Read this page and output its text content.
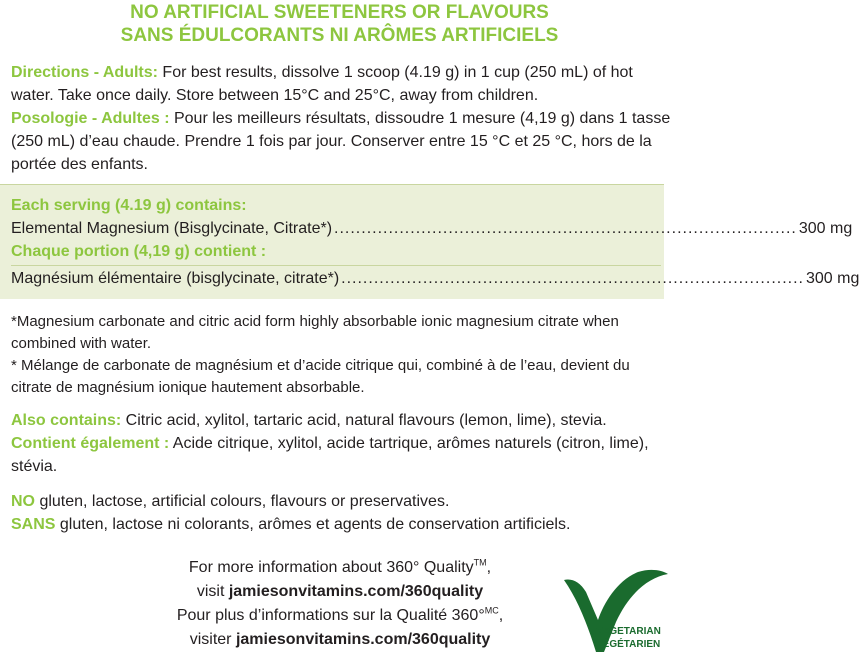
NO ARTIFICIAL SWEETENERS OR FLAVOURS
SANS ÉDULCORANTS NI ARÔMES ARTIFICIELS
Directions - Adults: For best results, dissolve 1 scoop (4.19 g) in 1 cup (250 mL) of hot water. Take once daily. Store between 15°C and 25°C, away from children.
Posologie - Adultes : Pour les meilleurs résultats, dissoudre 1 mesure (4,19 g) dans 1 tasse (250 mL) d’eau chaude. Prendre 1 fois par jour. Conserver entre 15 °C et 25 °C, hors de la portée des enfants.
Each serving (4.19 g) contains:
Elemental Magnesium (Bisglycinate, Citrate*) ..................................................................................... 300 mg
Chaque portion (4,19 g) contient :
Magnésium élémentaire (bisglycinate, citrate*) ..................................................................................... 300 mg
*Magnesium carbonate and citric acid form highly absorbable ionic magnesium citrate when combined with water.
* Mélange de carbonate de magnésium et d’acide citrique qui, combiné à de l’eau, devient du citrate de magnésium ionique hautement absorbable.
Also contains: Citric acid, xylitol, tartaric acid, natural flavours (lemon, lime), stevia.
Contient également : Acide citrique, xylitol, acide tartrique, arômes naturels (citron, lime), stévia.
NO gluten, lactose, artificial colours, flavours or preservatives.
SANS gluten, lactose ni colorants, arômes et agents de conservation artificiels.
For more information about 360° Quality™,
visit jamiesonvitamins.com/360quality
Pour plus d’informations sur la Qualité 360°$^{MC}$,
visiter jamiesonvitamins.com/360quality	VEGETARIAN
VÉGÉTARIEN
